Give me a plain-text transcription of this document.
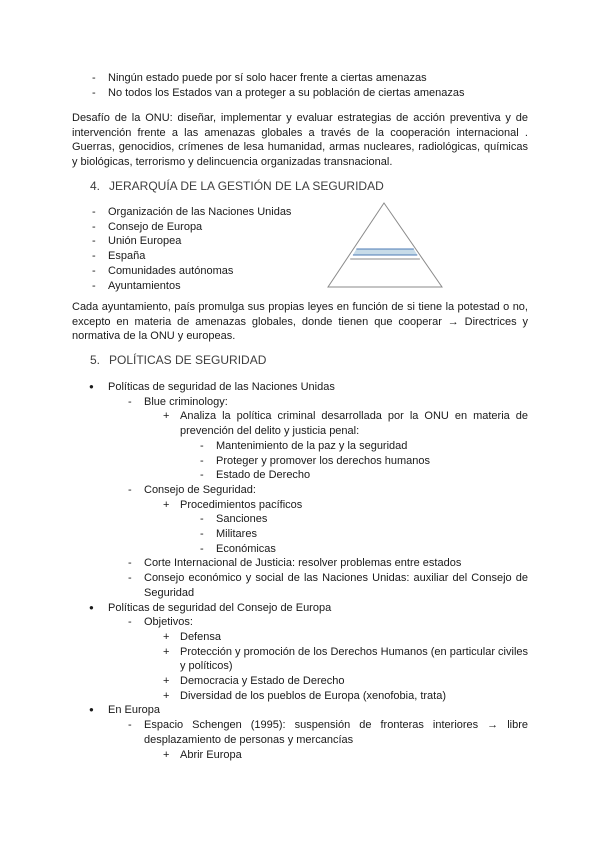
- Ningún estado puede por sí solo hacer frente a ciertas amenazas
- No todos los Estados van a proteger a su población de ciertas amenazas
Desafío de la ONU: diseñar, implementar y evaluar estrategias de acción preventiva y de intervención frente a las amenazas globales a través de la cooperación internacional . Guerras, genocidios, crímenes de lesa humanidad, armas nucleares, radiológicas, químicas y biológicas, terrorismo y delincuencia organizadas transnacional.
4. JERARQUÍA DE LA GESTIÓN DE LA SEGURIDAD
- Organización de las Naciones Unidas
- Consejo de Europa
- Unión Europea
- España
- Comunidades autónomas
- Ayuntamientos
Cada ayuntamiento, país promulga sus propias leyes en función de si tiene la potestad o no, excepto en materia de amenazas globales, donde tienen que cooperar → Directrices y normativa de la ONU y europeas.
5. POLÍTICAS DE SEGURIDAD
● Políticas de seguridad de las Naciones Unidas
- Blue criminology:
+ Analiza la política criminal desarrollada por la ONU en materia de prevención del delito y justicia penal:
- Mantenimiento de la paz y la seguridad
- Proteger y promover los derechos humanos
- Estado de Derecho
- Consejo de Seguridad:
+ Procedimientos pacíficos
- Sanciones
- Militares
- Económicas
- Corte Internacional de Justicia: resolver problemas entre estados
- Consejo económico y social de las Naciones Unidas: auxiliar del Consejo de Seguridad
● Políticas de seguridad del Consejo de Europa
- Objetivos:
+ Defensa
+ Protección y promoción de los Derechos Humanos (en particular civiles y políticos)
+ Democracia y Estado de Derecho
+ Diversidad de los pueblos de Europa (xenofobia, trata)
● En Europa
- Espacio Schengen (1995): suspensión de fronteras interiores → libre desplazamiento de personas y mercancías
+ Abrir Europa
